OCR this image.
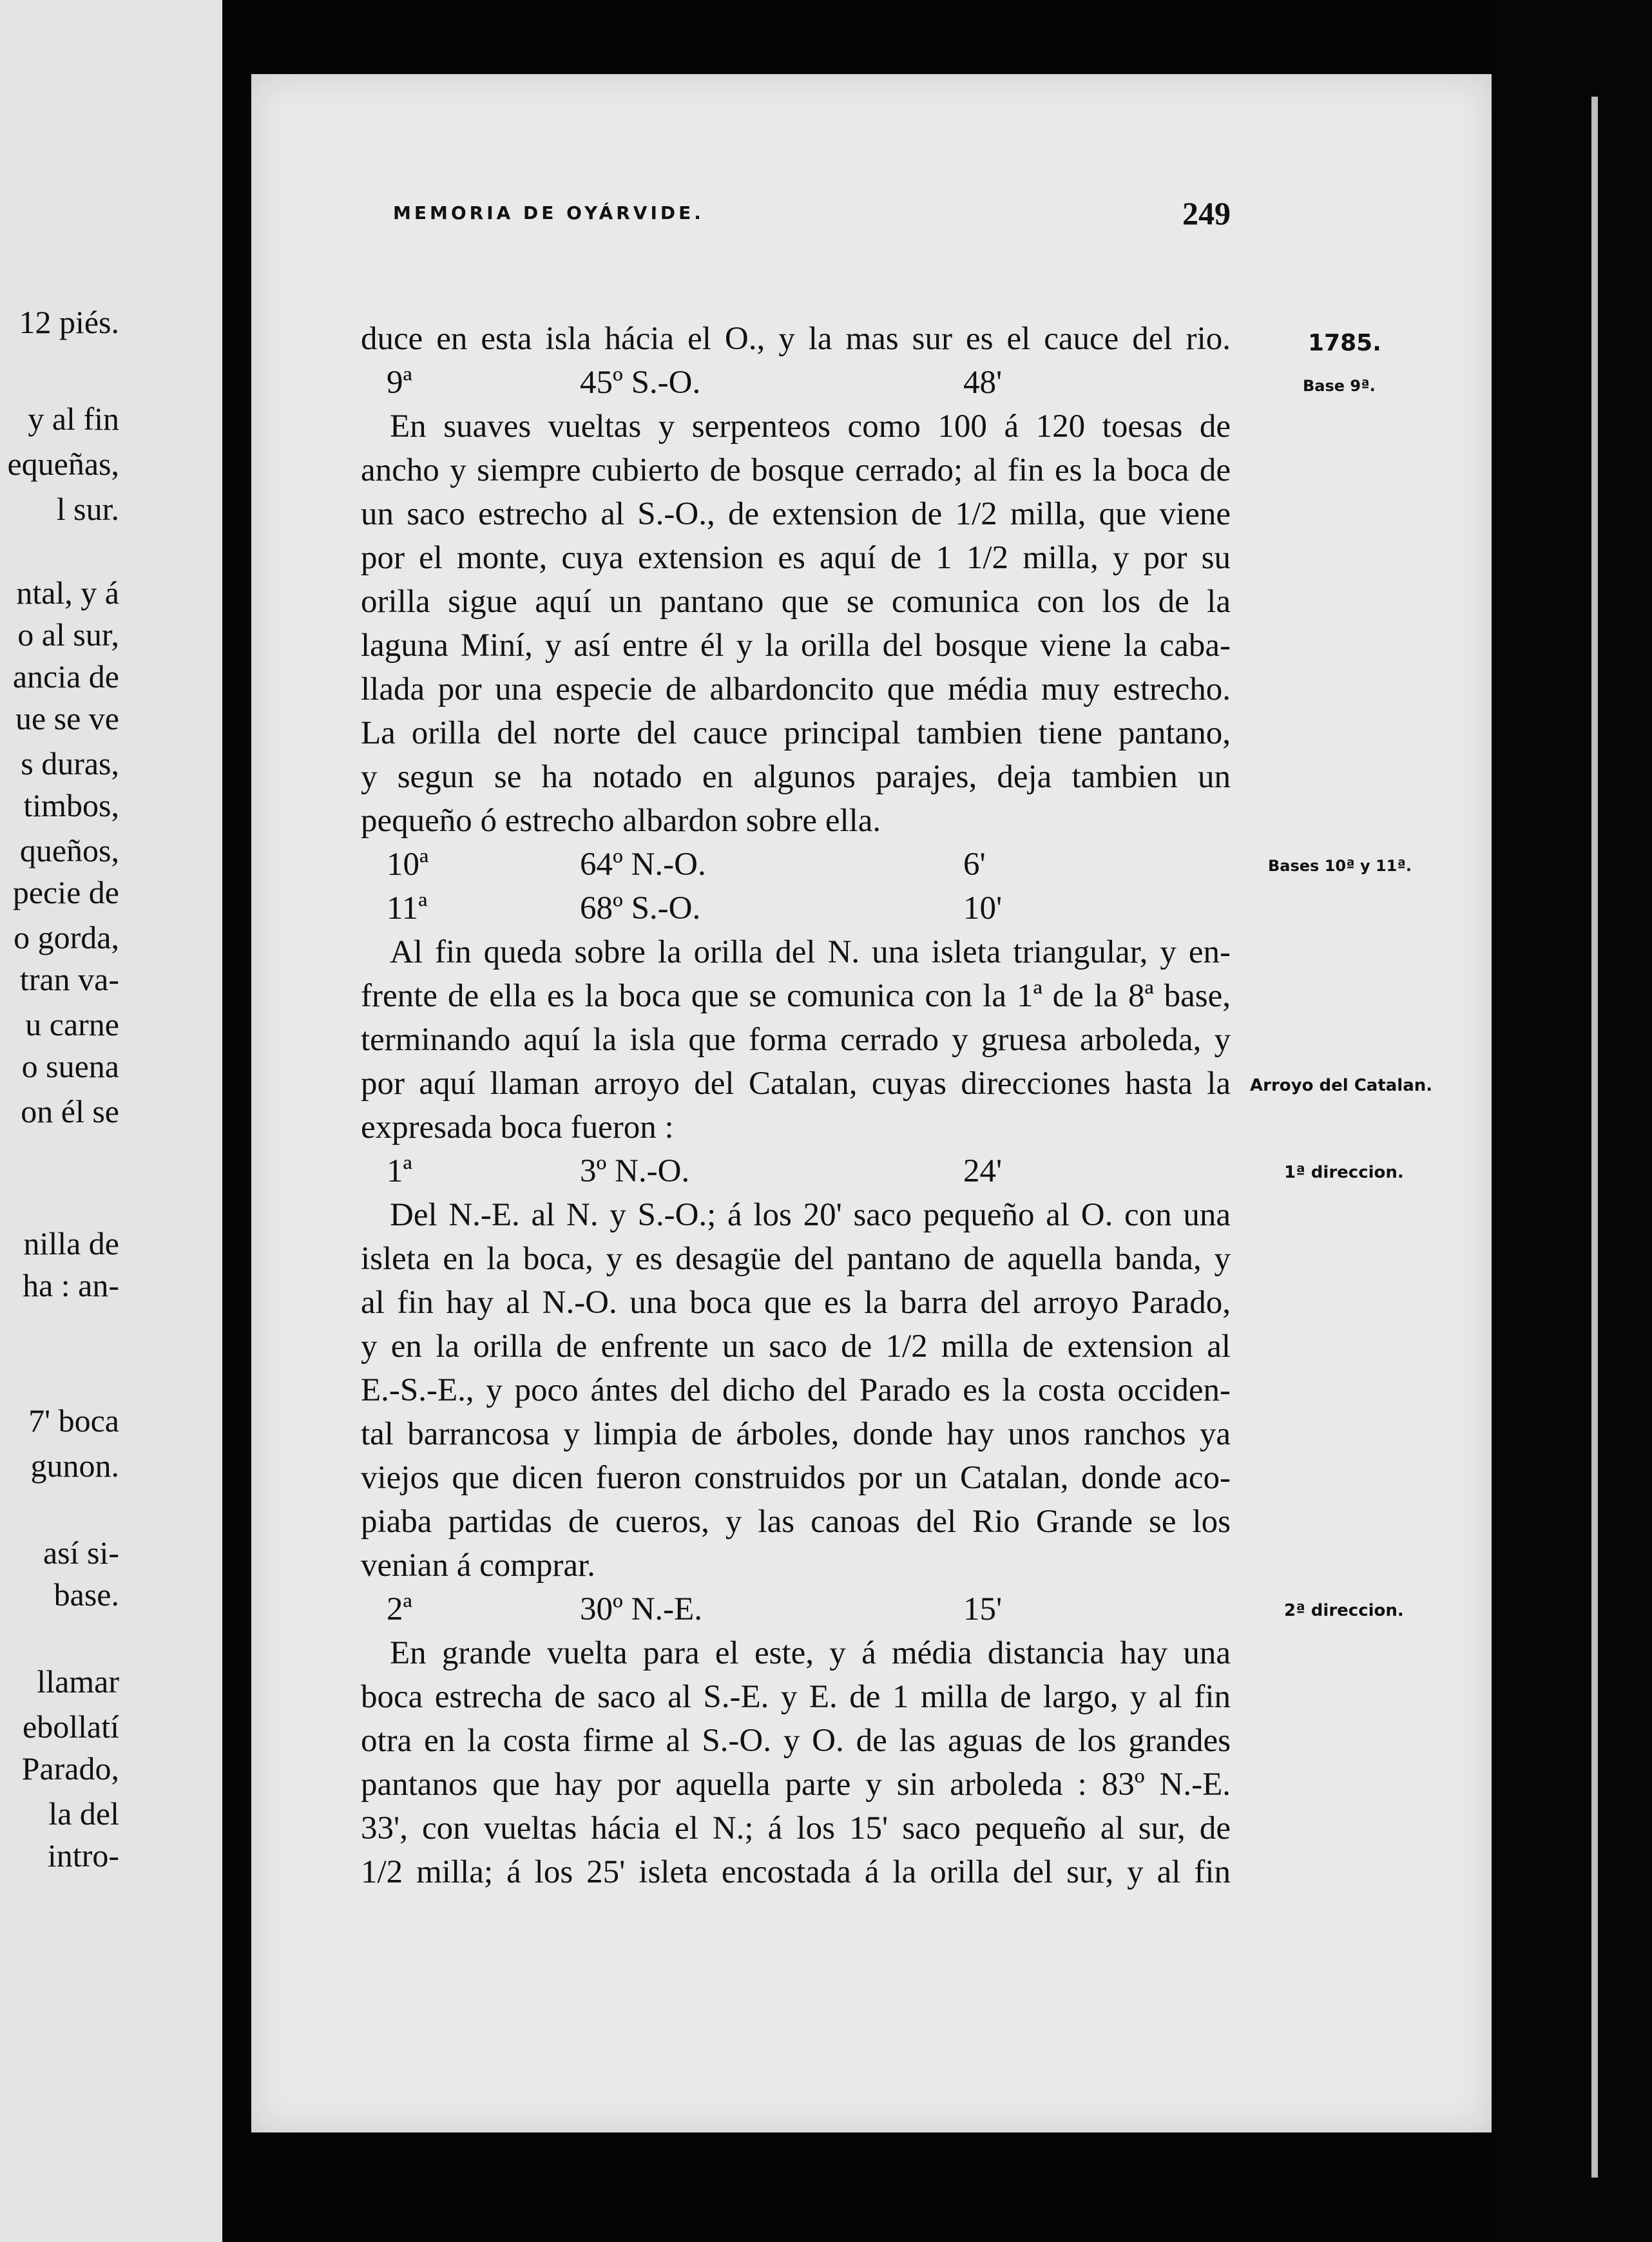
12 piés.
y al fin
equeñas,
l sur.
ntal, y á
o al sur,
ancia de
ue se ve
s duras,
timbos,
queños,
pecie de
o gorda,
tran va-
u carne
o suena
on él se
nilla de
ha : an-
7' boca
gunon.
así si-
base.
llamar
ebollatí
Parado,
la del
intro-
MEMORIA DE OYÁRVIDE.	249
duce en esta isla hácia el O., y la mas sur es el cauce del rio.
9ª	45º S.-O.	48'
En suaves vueltas y serpenteos como 100 á 120 toesas de
ancho y siempre cubierto de bosque cerrado; al fin es la boca de
un saco estrecho al S.-O., de extension de 1/2 milla, que viene
por el monte, cuya extension es aquí de 1 1/2 milla, y por su
orilla sigue aquí un pantano que se comunica con los de la
laguna Miní, y así entre él y la orilla del bosque viene la caba-
llada por una especie de albardoncito que média muy estrecho.
La orilla del norte del cauce principal tambien tiene pantano,
y segun se ha notado en algunos parajes, deja tambien un
pequeño ó estrecho albardon sobre ella.
10ª	64º N.-O.	6'
11ª	68º S.-O.	10'
Al fin queda sobre la orilla del N. una isleta triangular, y en-
frente de ella es la boca que se comunica con la 1ª de la 8ª base,
terminando aquí la isla que forma cerrado y gruesa arboleda, y
por aquí llaman arroyo del Catalan, cuyas direcciones hasta la
expresada boca fueron :
1ª	3º N.-O.	24'
Del N.-E. al N. y S.-O.; á los 20' saco pequeño al O. con una
isleta en la boca, y es desagüe del pantano de aquella banda, y
al fin hay al N.-O. una boca que es la barra del arroyo Parado,
y en la orilla de enfrente un saco de 1/2 milla de extension al
E.-S.-E., y poco ántes del dicho del Parado es la costa occiden-
tal barrancosa y limpia de árboles, donde hay unos ranchos ya
viejos que dicen fueron construidos por un Catalan, donde aco-
piaba partidas de cueros, y las canoas del Rio Grande se los
venian á comprar.
2ª	30º N.-E.	15'
En grande vuelta para el este, y á média distancia hay una
boca estrecha de saco al S.-E. y E. de 1 milla de largo, y al fin
otra en la costa firme al S.-O. y O. de las aguas de los grandes
pantanos que hay por aquella parte y sin arboleda : 83º N.-E.
33', con vueltas hácia el N.; á los 15' saco pequeño al sur, de
1/2 milla; á los 25' isleta encostada á la orilla del sur, y al fin
1785.
Base 9ª.
Bases 10ª y 11ª.
Arroyo del Catalan.
1ª direccion.
2ª direccion.
